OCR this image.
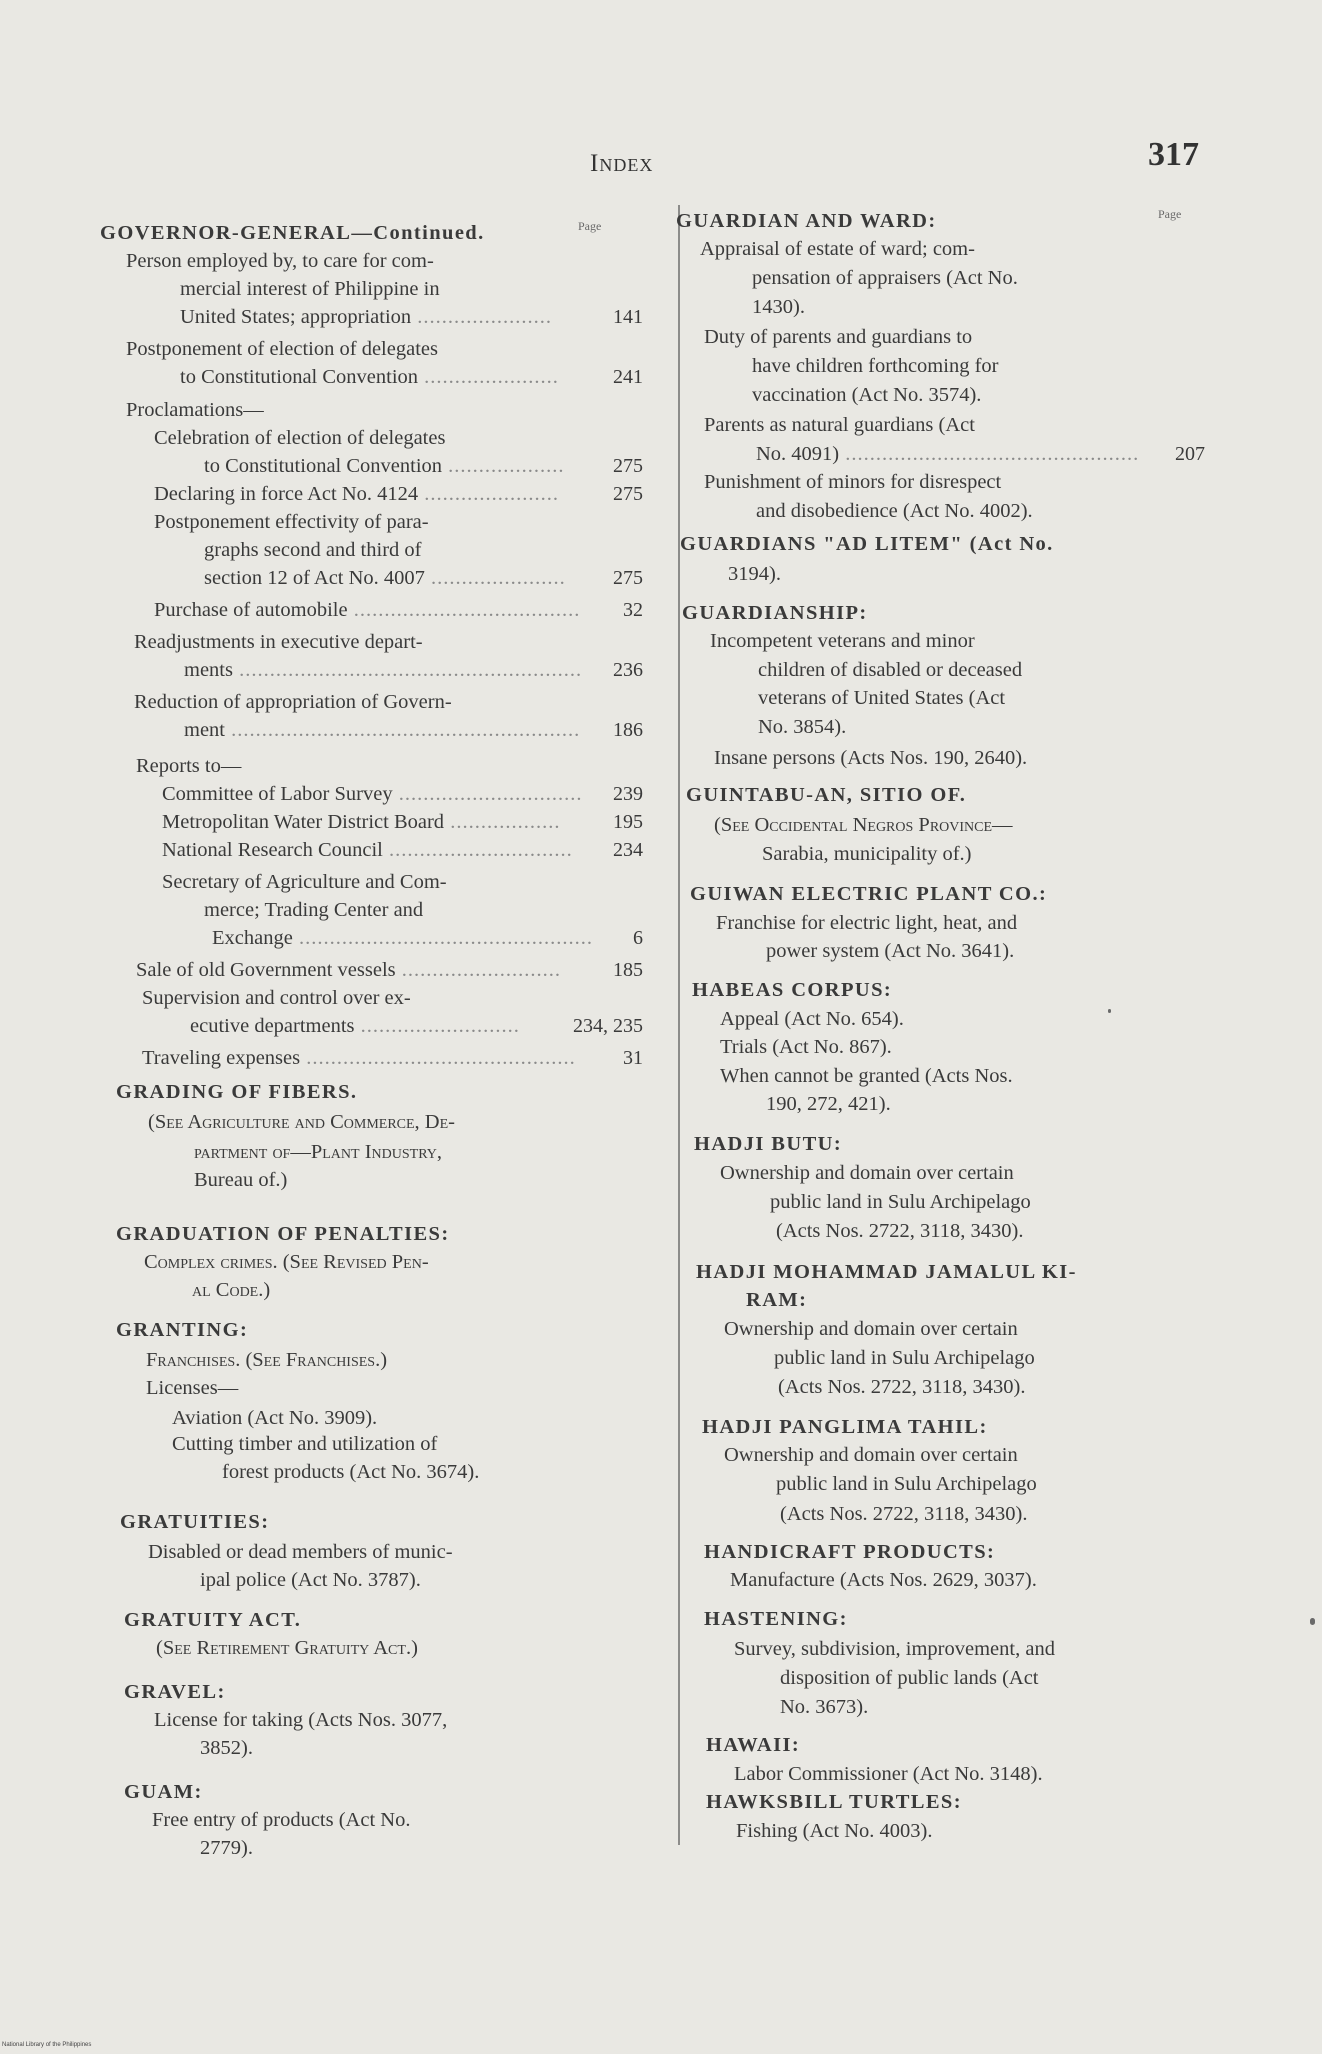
Index	317
Page
Page
GOVERNOR-GENERAL—Continued.
Person employed by, to care for com-
mercial interest of Philippine in
141
United States; appropriation ......................
Postponement of election of delegates
241
to Constitutional Convention ......................
Proclamations—
Celebration of election of delegates
275
to Constitutional Convention ...................
275
Declaring in force Act No. 4124 ......................
Postponement effectivity of para-
graphs second and third of
275
section 12 of Act No. 4007 ......................
32
Purchase of automobile .....................................
Readjustments in executive depart-
236
ments ........................................................
Reduction of appropriation of Govern-
186
ment .........................................................
Reports to—
239
Committee of Labor Survey ..............................
195
Metropolitan Water District Board ..................
234
National Research Council ..............................
Secretary of Agriculture and Com-
merce; Trading Center and
6
Exchange ................................................
185
Sale of old Government vessels ..........................
Supervision and control over ex-
234, 235
ecutive departments ..........................
31
Traveling expenses ............................................
GRADING OF FIBERS.
(See Agriculture and Commerce, De-
partment of—Plant Industry,
Bureau of.)
GRADUATION OF PENALTIES:
Complex crimes. (See Revised Pen-
al Code.)
GRANTING:
Franchises. (See Franchises.)
Licenses—
Aviation (Act No. 3909).
Cutting timber and utilization of
forest products (Act No. 3674).
GRATUITIES:
Disabled or dead members of munic-
ipal police (Act No. 3787).
GRATUITY ACT.
(See Retirement Gratuity Act.)
GRAVEL:
License for taking (Acts Nos. 3077,
3852).
GUAM:
Free entry of products (Act No.
2779).
GUARDIAN AND WARD:
Appraisal of estate of ward; com-
pensation of appraisers (Act No.
1430).
Duty of parents and guardians to
have children forthcoming for
vaccination (Act No. 3574).
Parents as natural guardians (Act
207
No. 4091) ................................................
Punishment of minors for disrespect
and disobedience (Act No. 4002).
GUARDIANS "AD LITEM" (Act No.
3194).
GUARDIANSHIP:
Incompetent veterans and minor
children of disabled or deceased
veterans of United States (Act
No. 3854).
Insane persons (Acts Nos. 190, 2640).
GUINTABU-AN, SITIO OF.
(See Occidental Negros Province—
Sarabia, municipality of.)
GUIWAN ELECTRIC PLANT CO.:
Franchise for electric light, heat, and
power system (Act No. 3641).
HABEAS CORPUS:
Appeal (Act No. 654).
Trials (Act No. 867).
When cannot be granted (Acts Nos.
190, 272, 421).
HADJI BUTU:
Ownership and domain over certain
public land in Sulu Archipelago
(Acts Nos. 2722, 3118, 3430).
HADJI MOHAMMAD JAMALUL KI-
RAM:
Ownership and domain over certain
public land in Sulu Archipelago
(Acts Nos. 2722, 3118, 3430).
HADJI PANGLIMA TAHIL:
Ownership and domain over certain
public land in Sulu Archipelago
(Acts Nos. 2722, 3118, 3430).
HANDICRAFT PRODUCTS:
Manufacture (Acts Nos. 2629, 3037).
HASTENING:
Survey, subdivision, improvement, and
disposition of public lands (Act
No. 3673).
HAWAII:
Labor Commissioner (Act No. 3148).
HAWKSBILL TURTLES:
Fishing (Act No. 4003).
National Library of the Philippines
